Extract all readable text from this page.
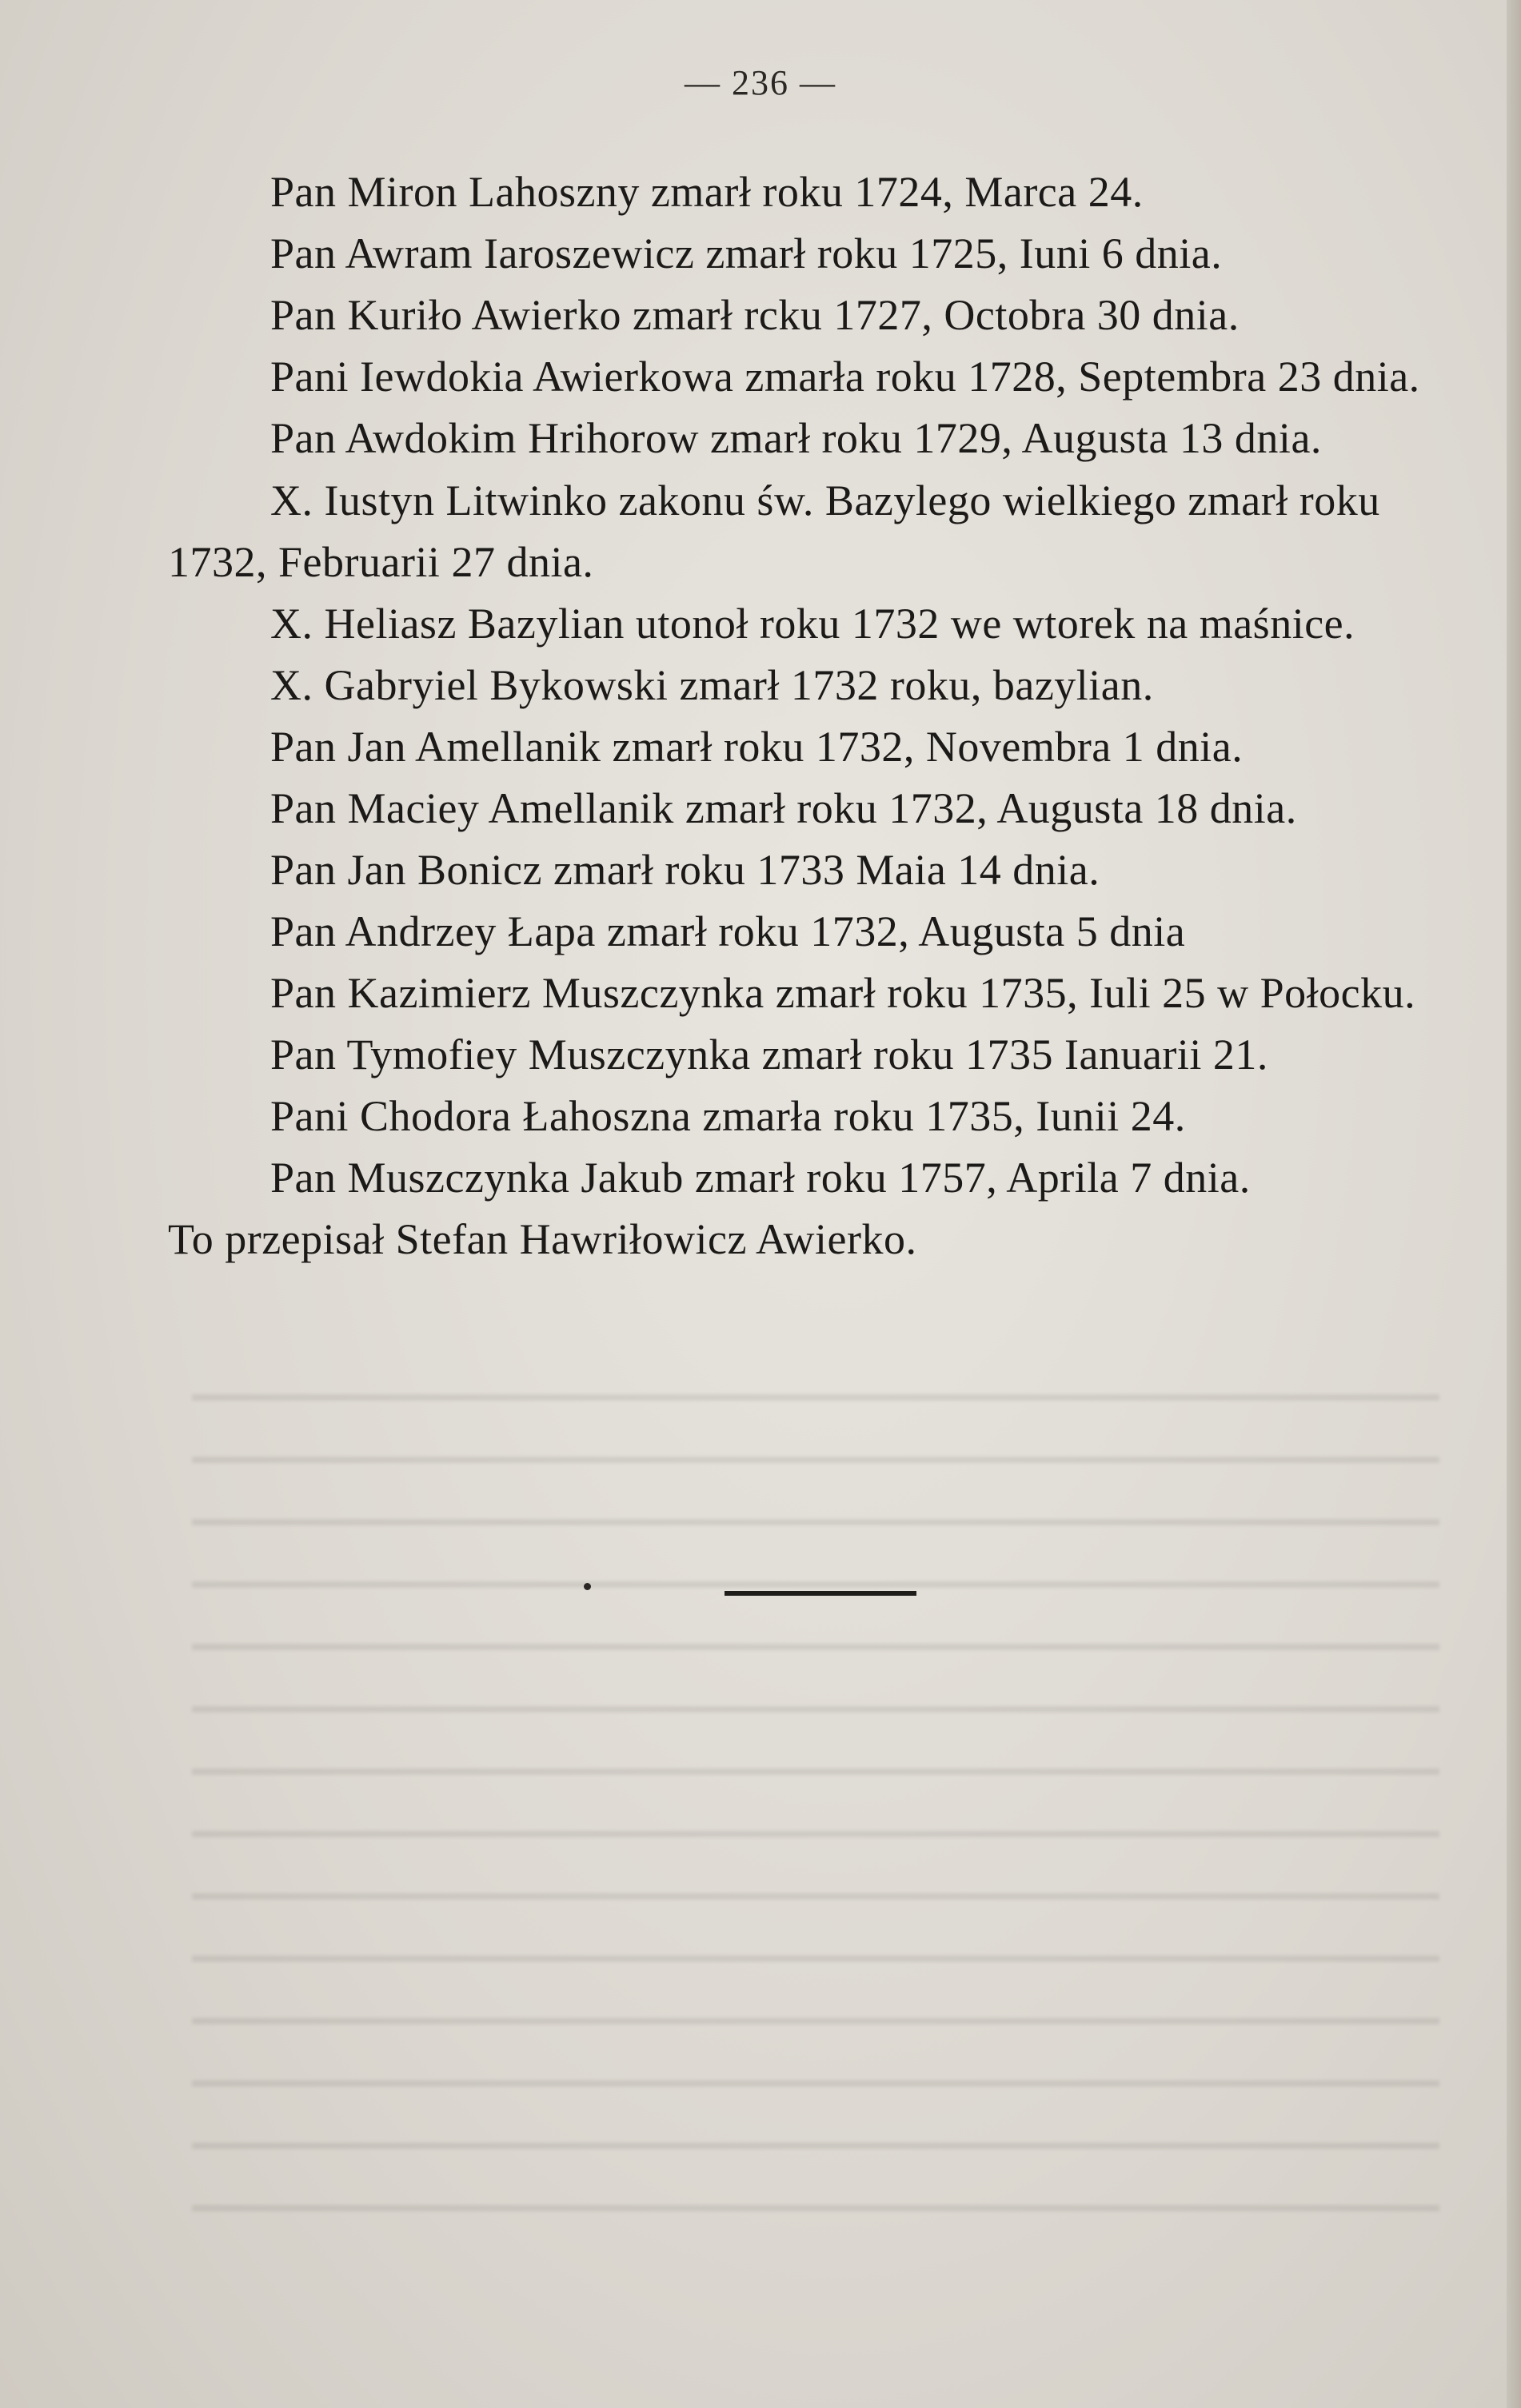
— 236 —
Pan Miron Lahoszny zmarł roku 1724, Marca 24.
Pan Awram Iaroszewicz zmarł roku 1725, Iuni 6 dnia.
Pan Kuriło Awierko zmarł rcku 1727, Octobra 30 dnia.
Pani Iewdokia Awierkowa zmarła roku 1728, Septembra 23 dnia.
Pan Awdokim Hrihorow zmarł roku 1729, Augusta 13 dnia.
X. Iustyn Litwinko zakonu św. Bazylego wielkiego zmarł roku
1732, Februarii 27 dnia.
X. Heliasz Bazylian utonoł roku 1732 we wtorek na maśnice.
X. Gabryiel Bykowski zmarł 1732 roku, bazylian.
Pan Jan Amellanik zmarł roku 1732, Novembra 1 dnia.
Pan Maciey Amellanik zmarł roku 1732, Augusta 18 dnia.
Pan Jan Bonicz zmarł roku 1733 Maia 14 dnia.
Pan Andrzey Łapa zmarł roku 1732, Augusta 5 dnia
Pan Kazimierz Muszczynka zmarł roku 1735, Iuli 25 w Połocku.
Pan Tymofiey Muszczynka zmarł roku 1735 Ianuarii 21.
Pani Chodora Łahoszna zmarła roku 1735, Iunii 24.
Pan Muszczynka Jakub zmarł roku 1757, Aprila 7 dnia.
To przepisał Stefan Hawriłowicz Awierko.
